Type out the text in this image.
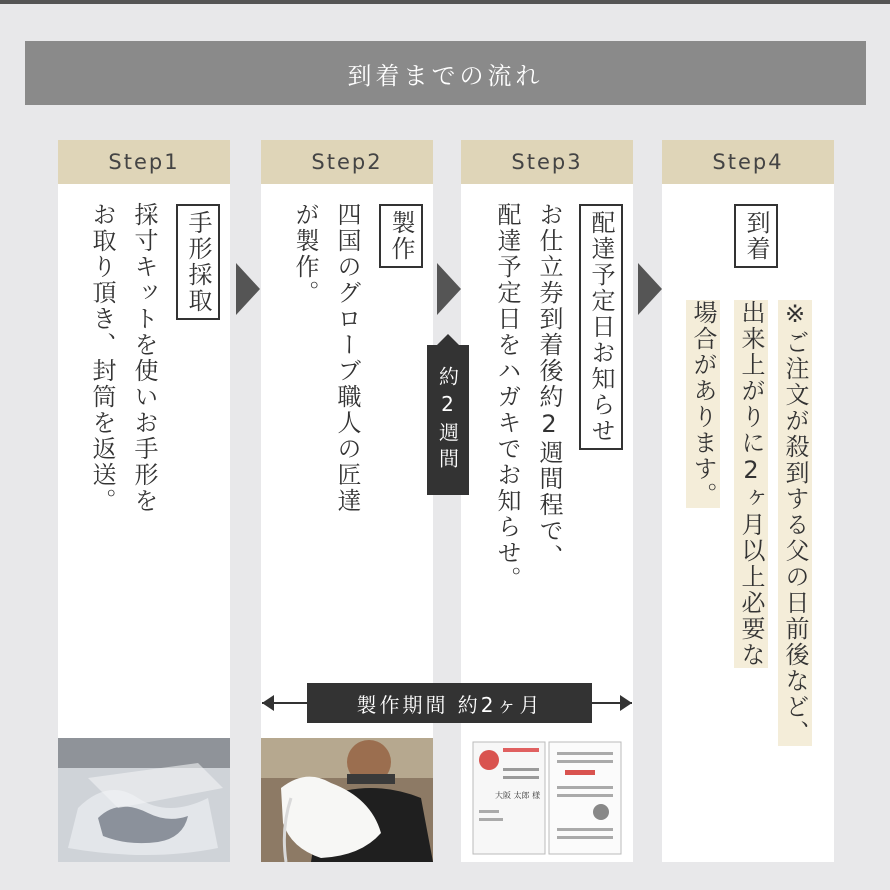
到着までの流れ
Step1
手形採取
採寸キットを使いお手形を
お取り頂き、封筒を返送。
Step2
製作
四国のグローブ職人の匠達
が製作。
Step3
配達予定日お知らせ
お仕立券到着後約2週間程で、
配達予定日をハガキでお知らせ。
大阪 太郎 様
Step4
到着
※ご注文が殺到する父の日前後など、
出来上がりに2ヶ月以上必要な
場合があります。
約2週間
製作期間 約2ヶ月
